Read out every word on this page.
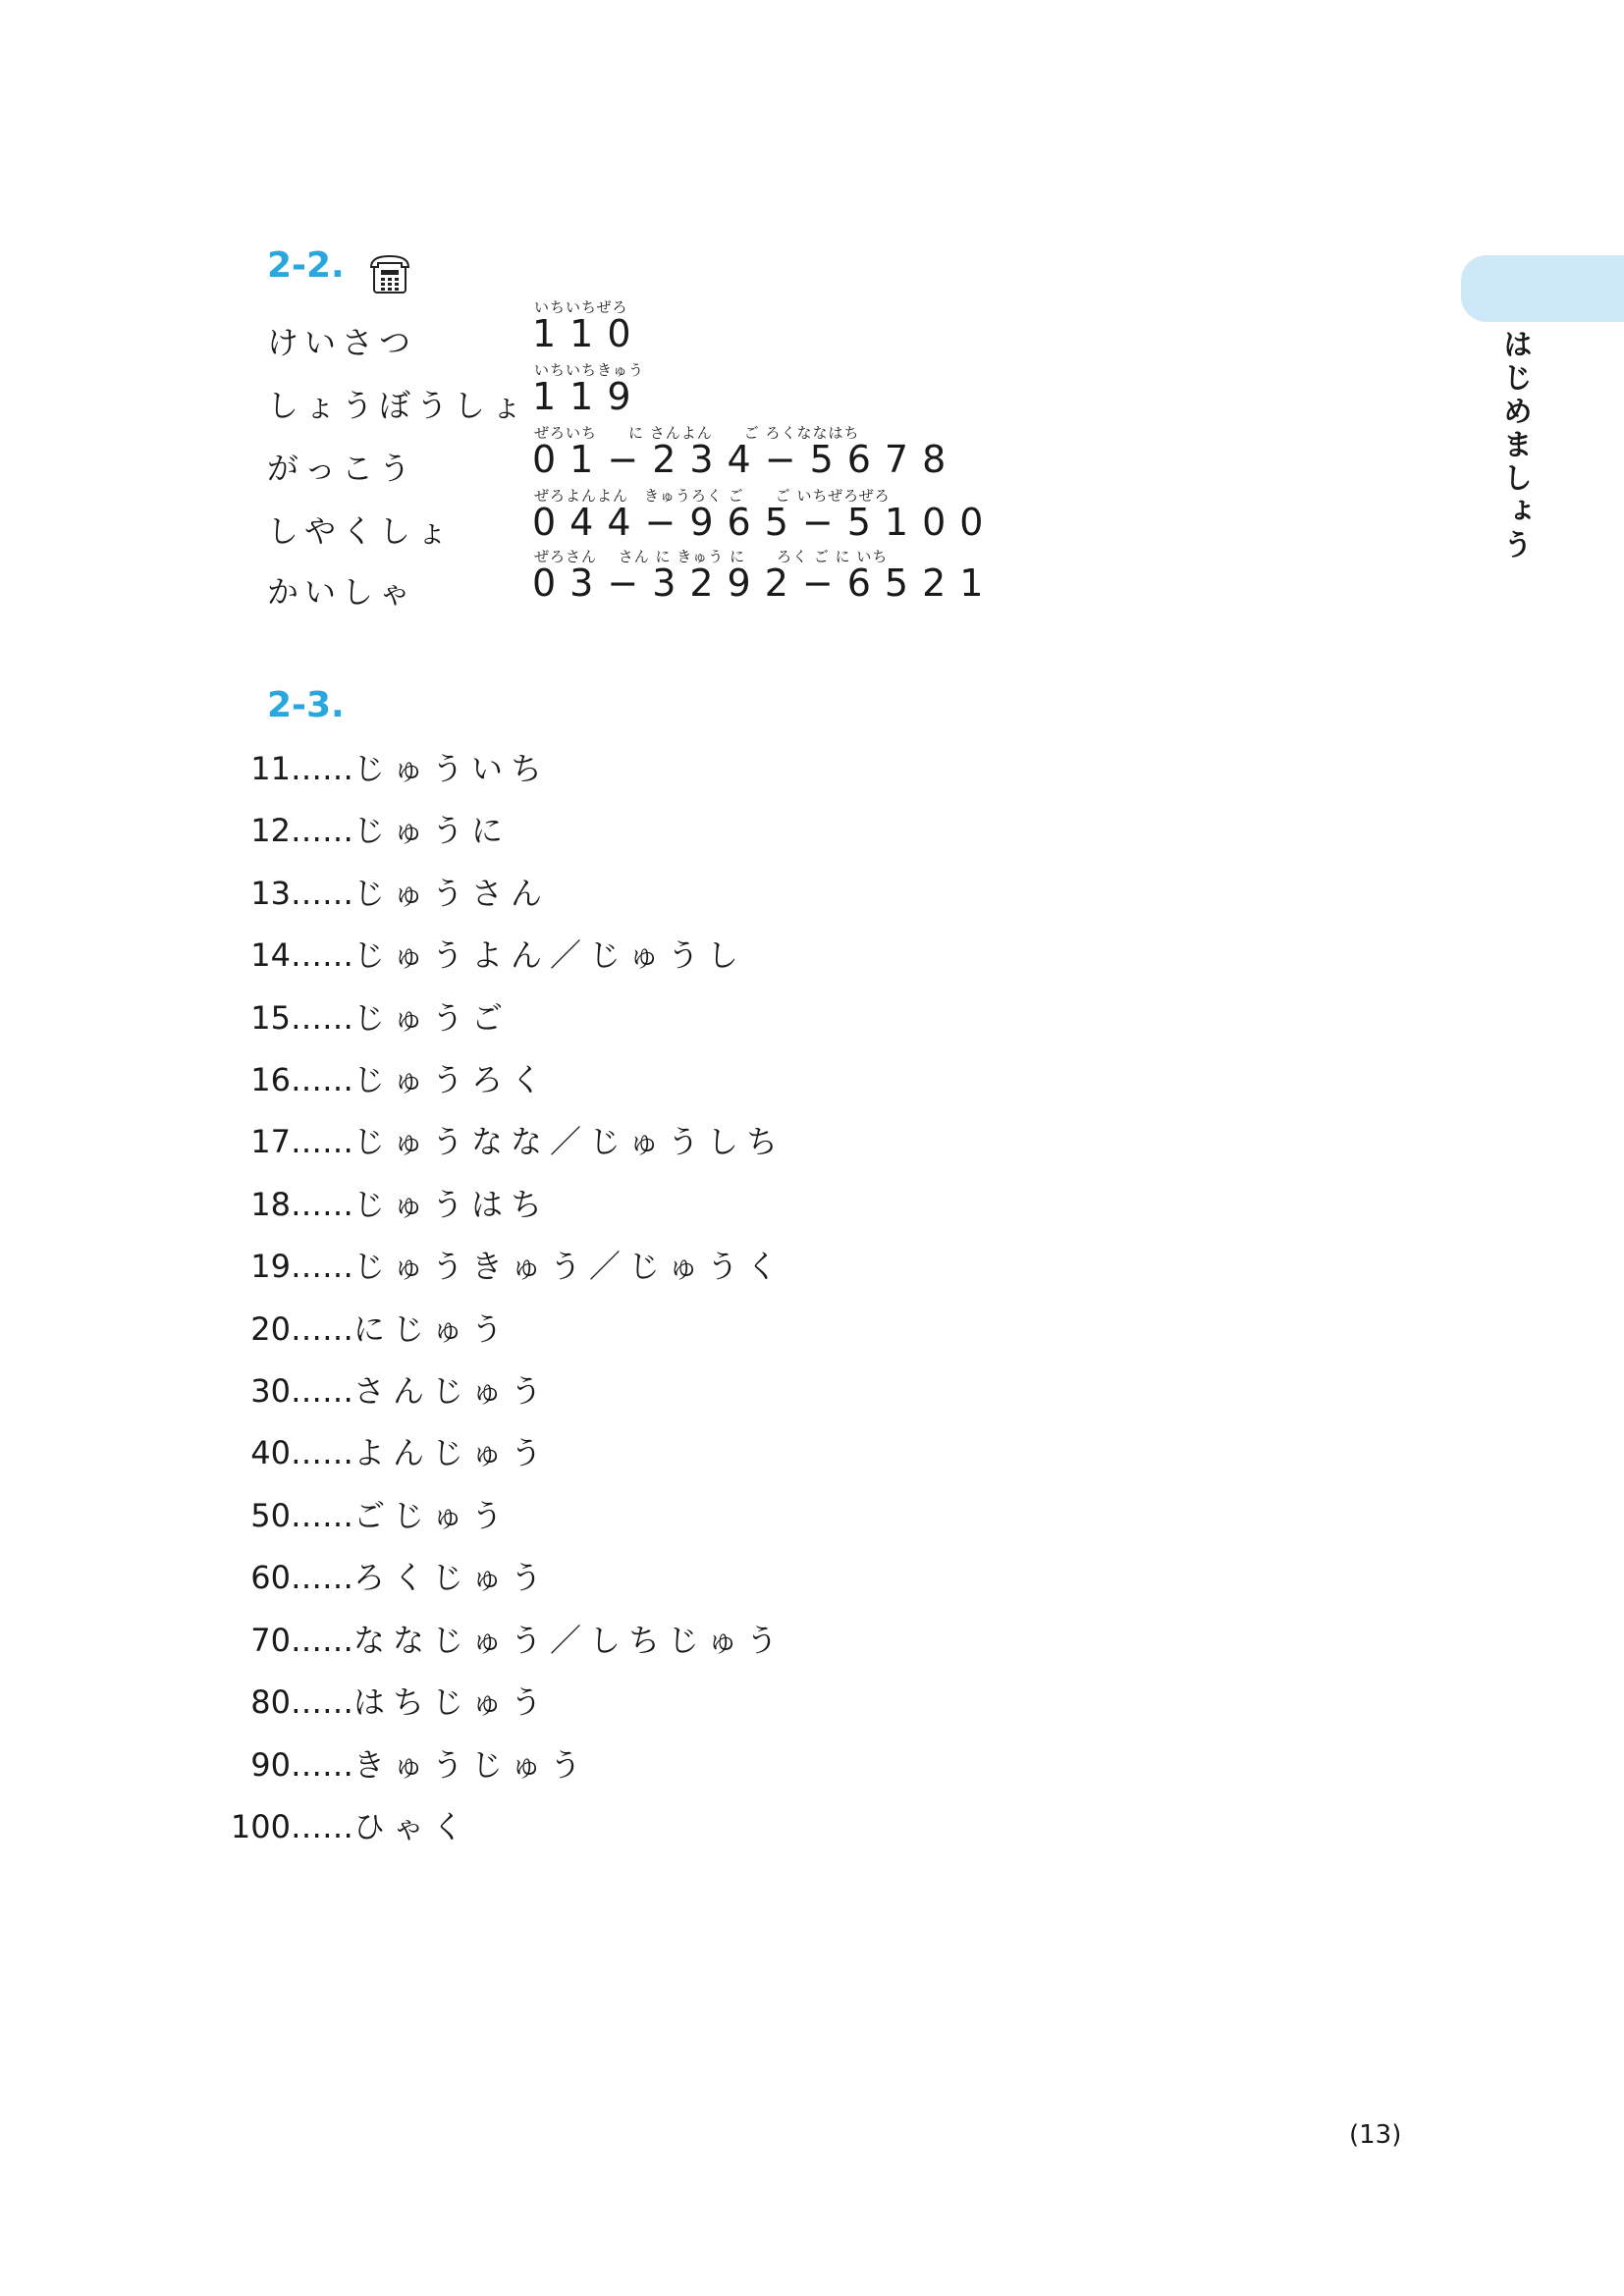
はじめましょう
2-2.
けいさつ
いちいちぜろ
110
しょうぼうしょ
いちいちきゅう
119
がっこう
ぜろいち　　に さんよん　　ご ろくななはち
01−234−5678
しやくしょ
ぜろよんよん　きゅうろく ご　　ご いちぜろぜろ
044−965−5100
かいしゃ
ぜろさん　 さん に きゅう に　　ろく ご に いち
03−3292−6521
2-3.
11……じゅういち
12……じゅうに
13……じゅうさん
14……じゅうよん／じゅうし
15……じゅうご
16……じゅうろく
17……じゅうなな／じゅうしち
18……じゅうはち
19……じゅうきゅう／じゅうく
20……にじゅう
30……さんじゅう
40……よんじゅう
50……ごじゅう
60……ろくじゅう
70……ななじゅう／しちじゅう
80……はちじゅう
90……きゅうじゅう
100……ひゃく
(13)
